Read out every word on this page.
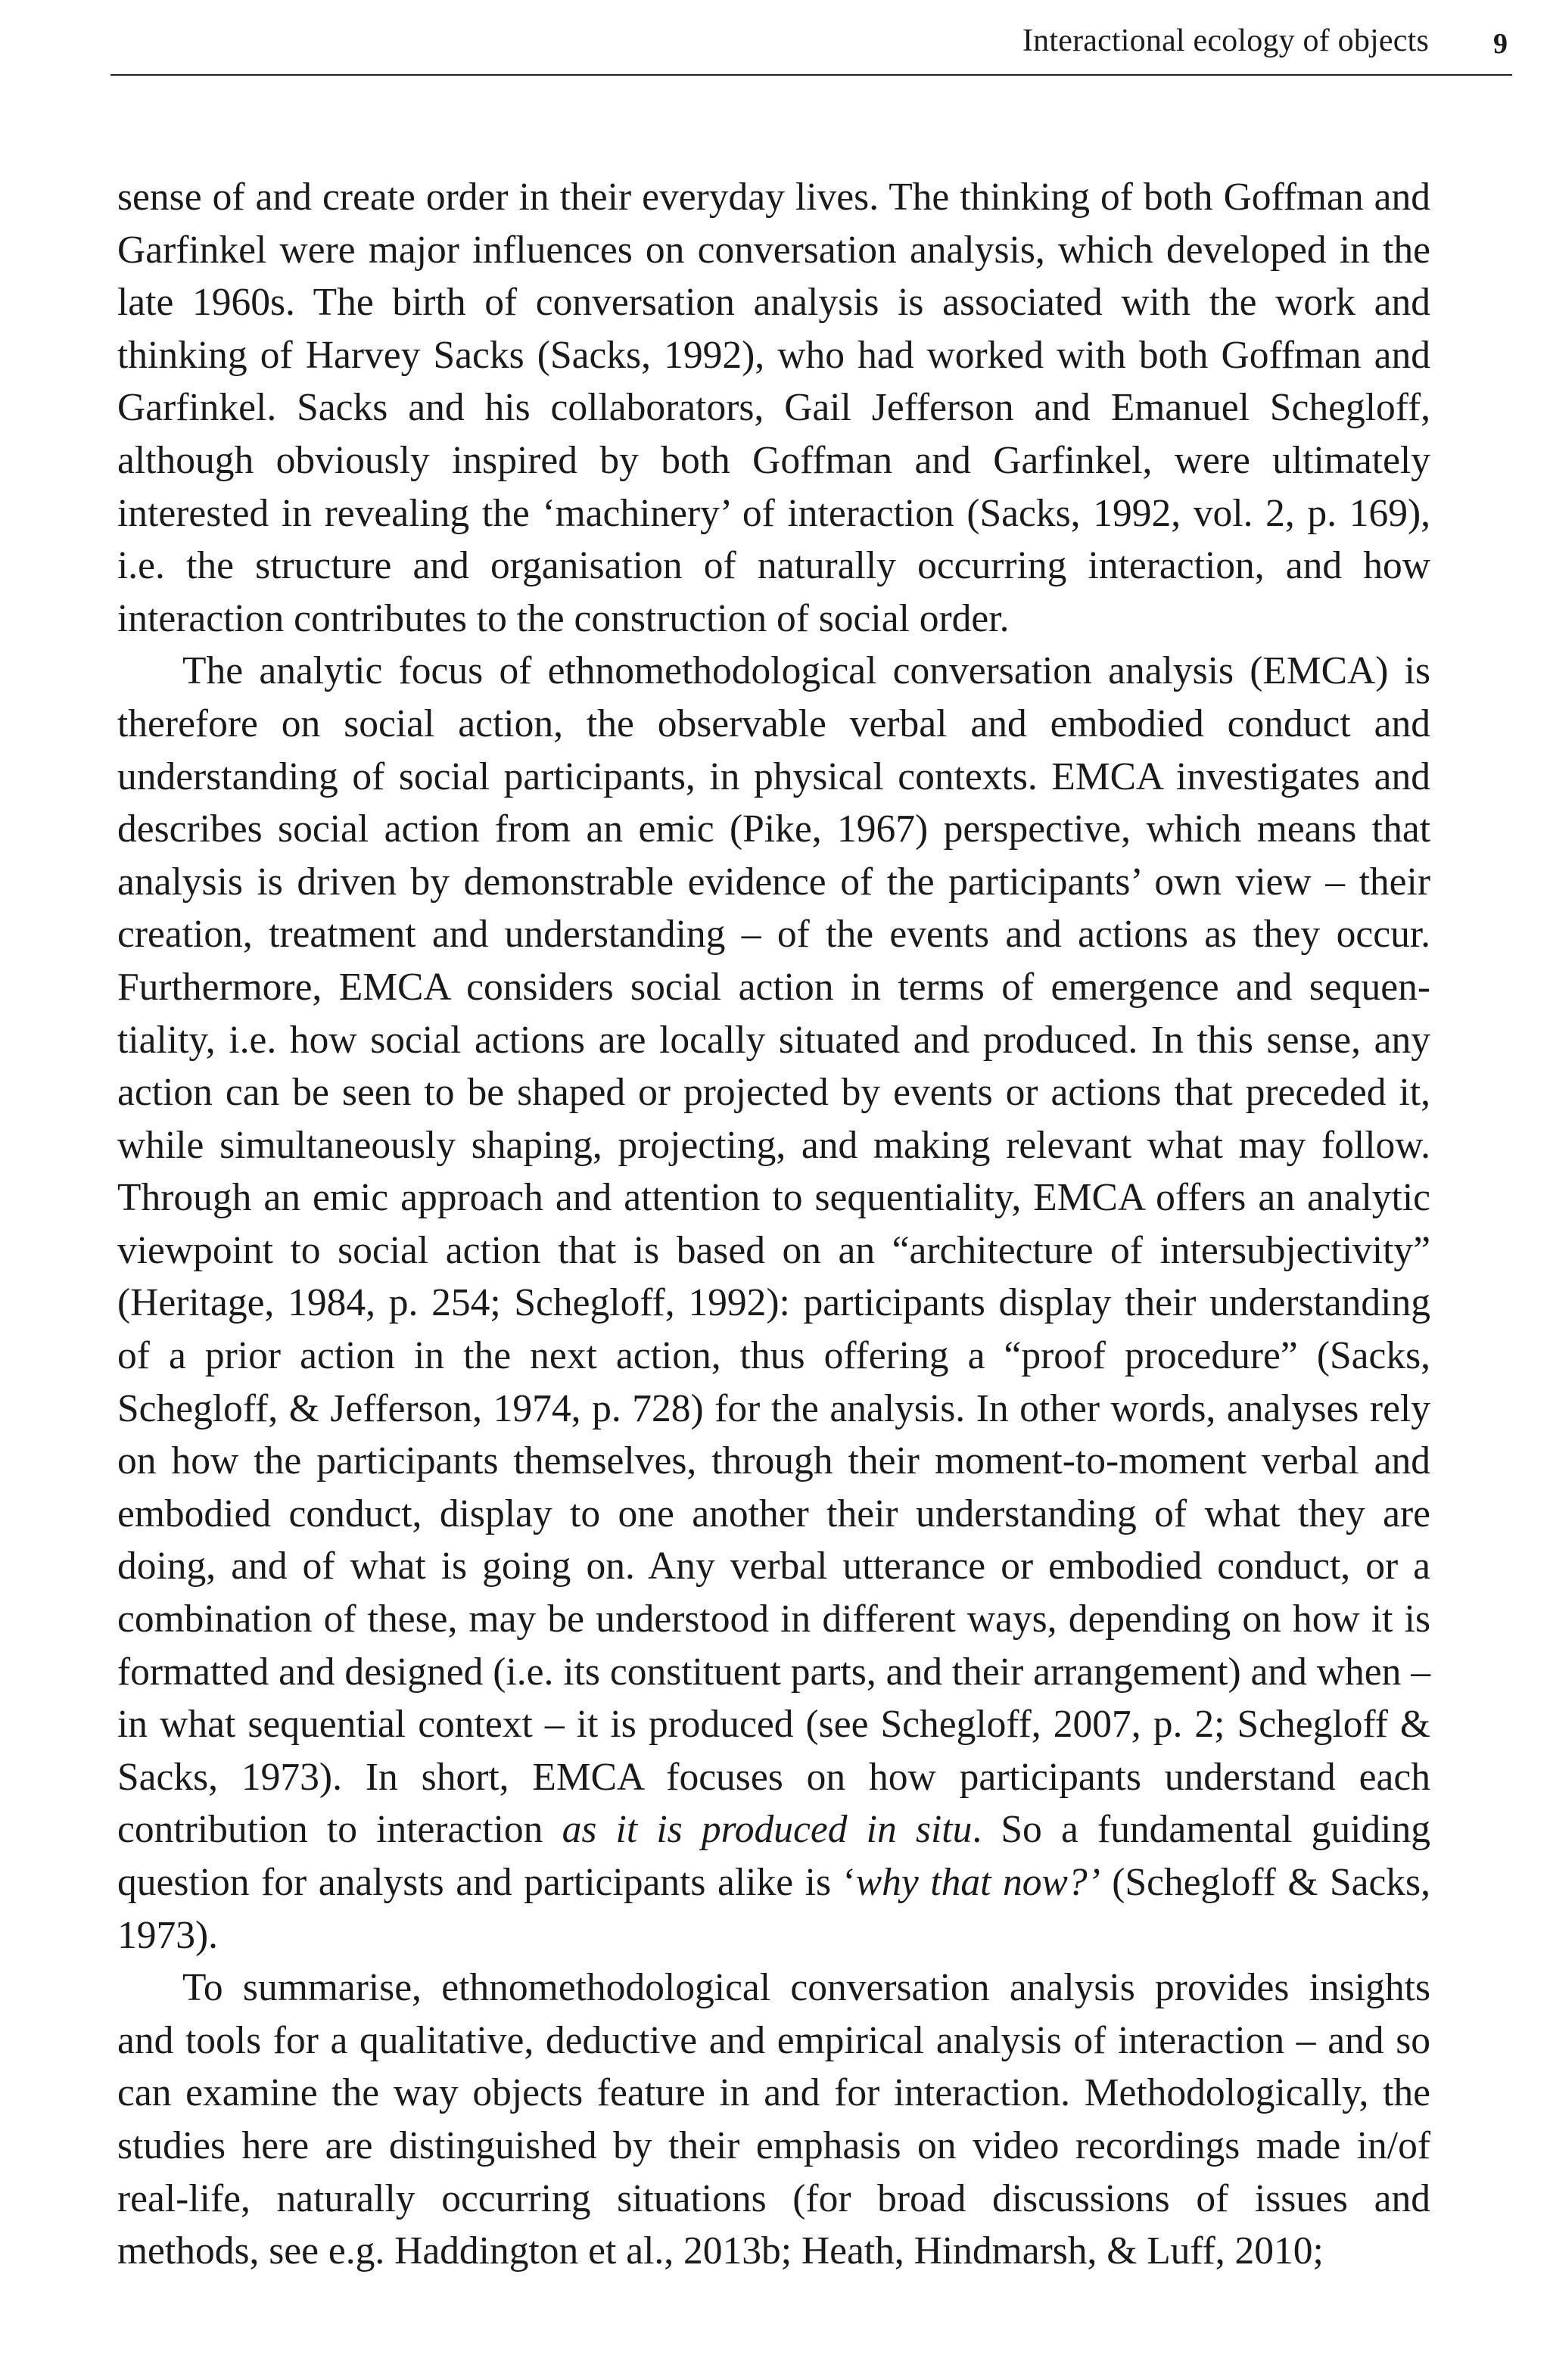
Interactional ecology of objects 9

sense of and create order in their everyday lives. The thinking of both Goffman and Garfinkel were major influences on conversation analysis, which developed in the late 1960s. The birth of conversation analysis is associated with the work and thinking of Harvey Sacks (Sacks, 1992), who had worked with both Goffman and Garfinkel. Sacks and his collaborators, Gail Jefferson and Emanuel Schegloff, although obviously inspired by both Goffman and Garfinkel, were ultimately interested in revealing the ‘machinery’ of interaction (Sacks, 1992, vol. 2, p. 169), i.e. the structure and organisation of naturally occurring interaction, and how interaction contributes to the construction of social order.

The analytic focus of ethnomethodological conversation analysis (EMCA) is therefore on social action, the observable verbal and embodied conduct and understanding of social participants, in physical contexts. EMCA investigates and describes social action from an emic (Pike, 1967) perspective, which means that analysis is driven by demonstrable evidence of the participants’ own view – their creation, treatment and understanding – of the events and actions as they occur. Furthermore, EMCA considers social action in terms of emergence and sequentiality, i.e. how social actions are locally situated and produced. In this sense, any action can be seen to be shaped or projected by events or actions that preceded it, while simultaneously shaping, projecting, and making relevant what may follow. Through an emic approach and attention to sequentiality, EMCA offers an analytic viewpoint to social action that is based on an “architecture of intersubjectivity” (Heritage, 1984, p. 254; Schegloff, 1992): participants display their understanding of a prior action in the next action, thus offering a “proof procedure” (Sacks, Schegloff, & Jefferson, 1974, p. 728) for the analysis. In other words, analyses rely on how the participants themselves, through their moment-to-moment verbal and embodied conduct, display to one another their understanding of what they are doing, and of what is going on. Any verbal utterance or embodied conduct, or a combination of these, may be understood in different ways, depending on how it is formatted and designed (i.e. its constituent parts, and their arrangement) and when – in what sequential context – it is produced (see Schegloff, 2007, p. 2; Schegloff & Sacks, 1973). In short, EMCA focuses on how participants understand each contribution to interaction as it is produced in situ. So a fundamental guiding question for analysts and participants alike is ‘why that now?’ (Schegloff & Sacks, 1973).

To summarise, ethnomethodological conversation analysis provides insights and tools for a qualitative, deductive and empirical analysis of interaction – and so can examine the way objects feature in and for interaction. Methodologically, the studies here are distinguished by their emphasis on video recordings made in/of real-life, naturally occurring situations (for broad discussions of issues and methods, see e.g. Haddington et al., 2013b; Heath, Hindmarsh, & Luff, 2010;
